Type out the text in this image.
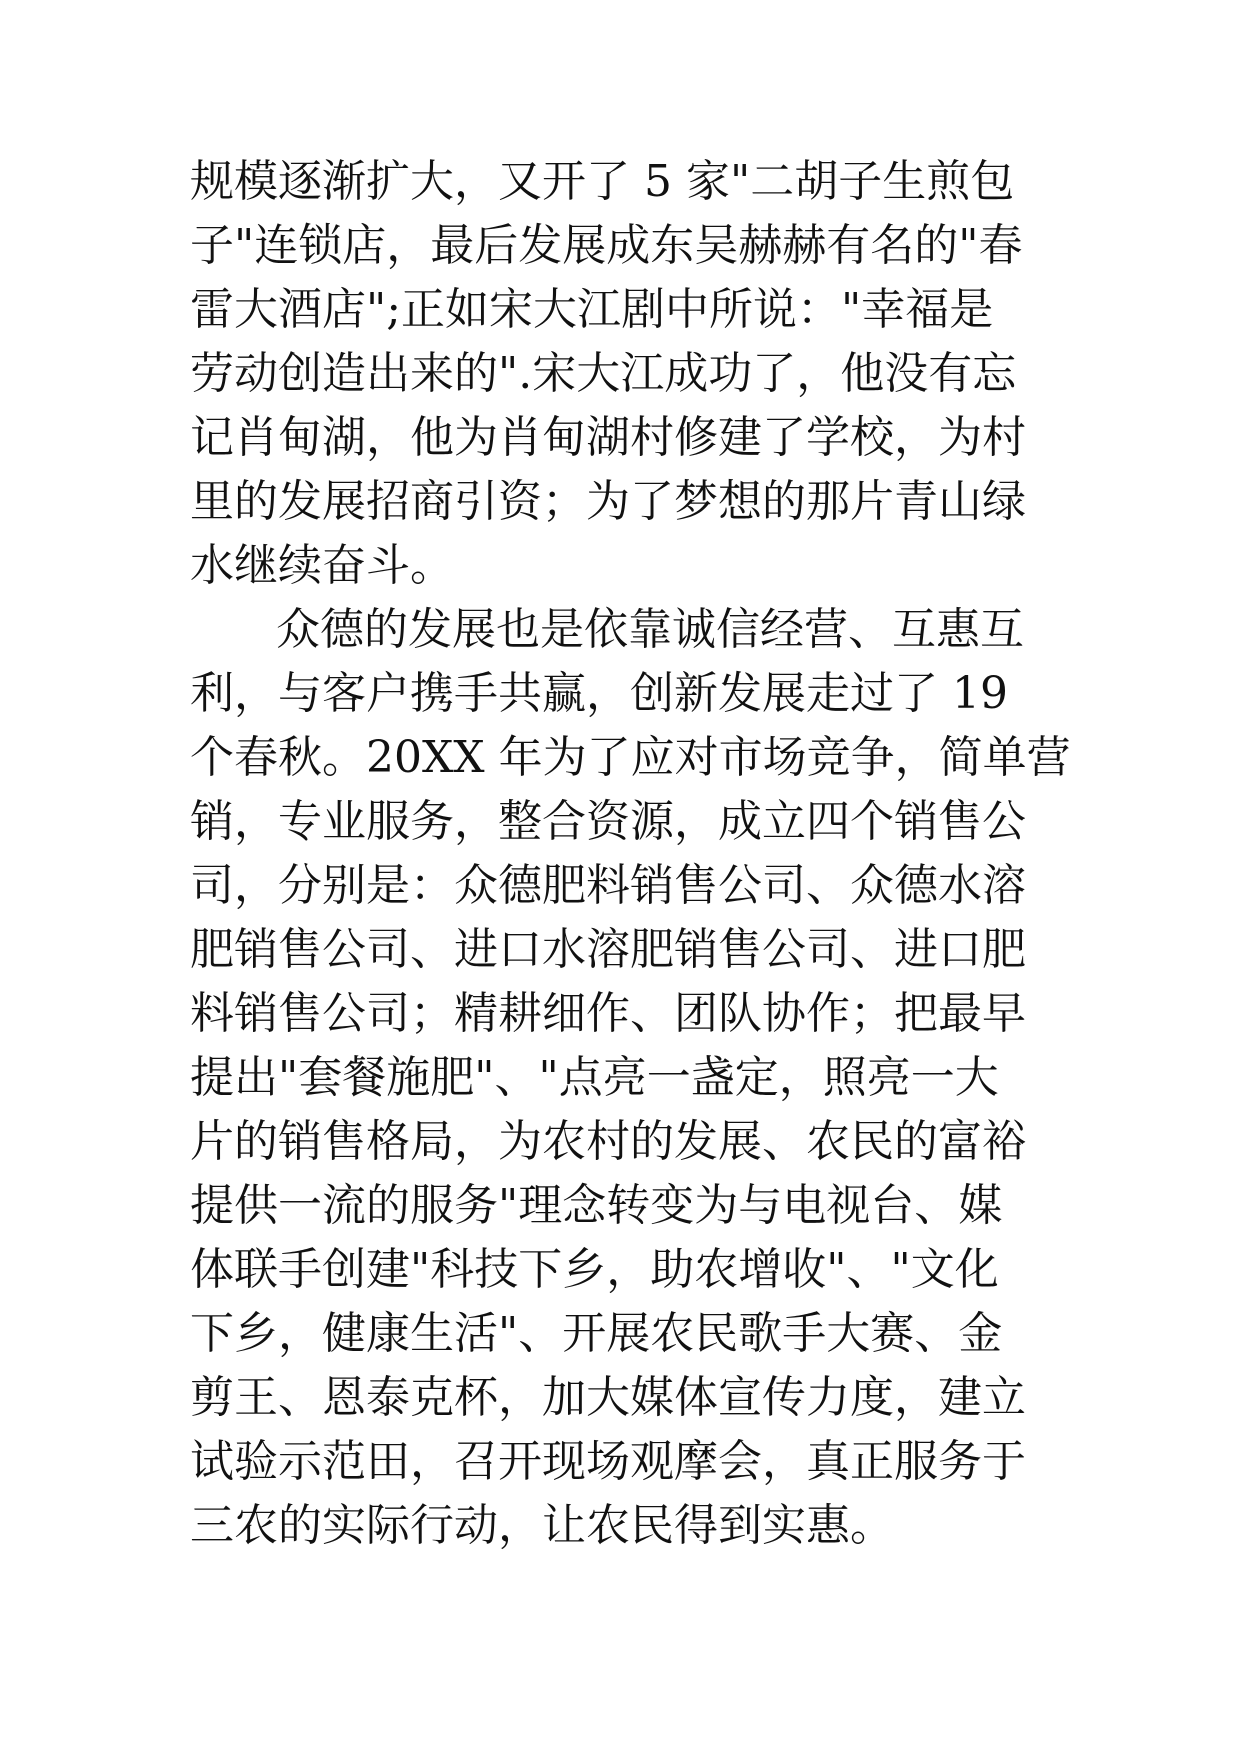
规模逐渐扩大，又开了 5 家"二胡子生煎包
子"连锁店，最后发展成东吴赫赫有名的"春
雷大酒店";正如宋大江剧中所说："幸福是
劳动创造出来的".宋大江成功了，他没有忘
记肖甸湖，他为肖甸湖村修建了学校，为村
里的发展招商引资；为了梦想的那片青山绿
水继续奋斗。
众德的发展也是依靠诚信经营、互惠互
利，与客户携手共赢，创新发展走过了 19
个春秋。20XX 年为了应对市场竞争，简单营
销，专业服务，整合资源，成立四个销售公
司，分别是：众德肥料销售公司、众德水溶
肥销售公司、进口水溶肥销售公司、进口肥
料销售公司；精耕细作、团队协作；把最早
提出"套餐施肥"、"点亮一盏定，照亮一大
片的销售格局，为农村的发展、农民的富裕
提供一流的服务"理念转变为与电视台、媒
体联手创建"科技下乡，助农增收"、"文化
下乡，健康生活"、开展农民歌手大赛、金
剪王、恩泰克杯，加大媒体宣传力度，建立
试验示范田，召开现场观摩会，真正服务于
三农的实际行动，让农民得到实惠。
